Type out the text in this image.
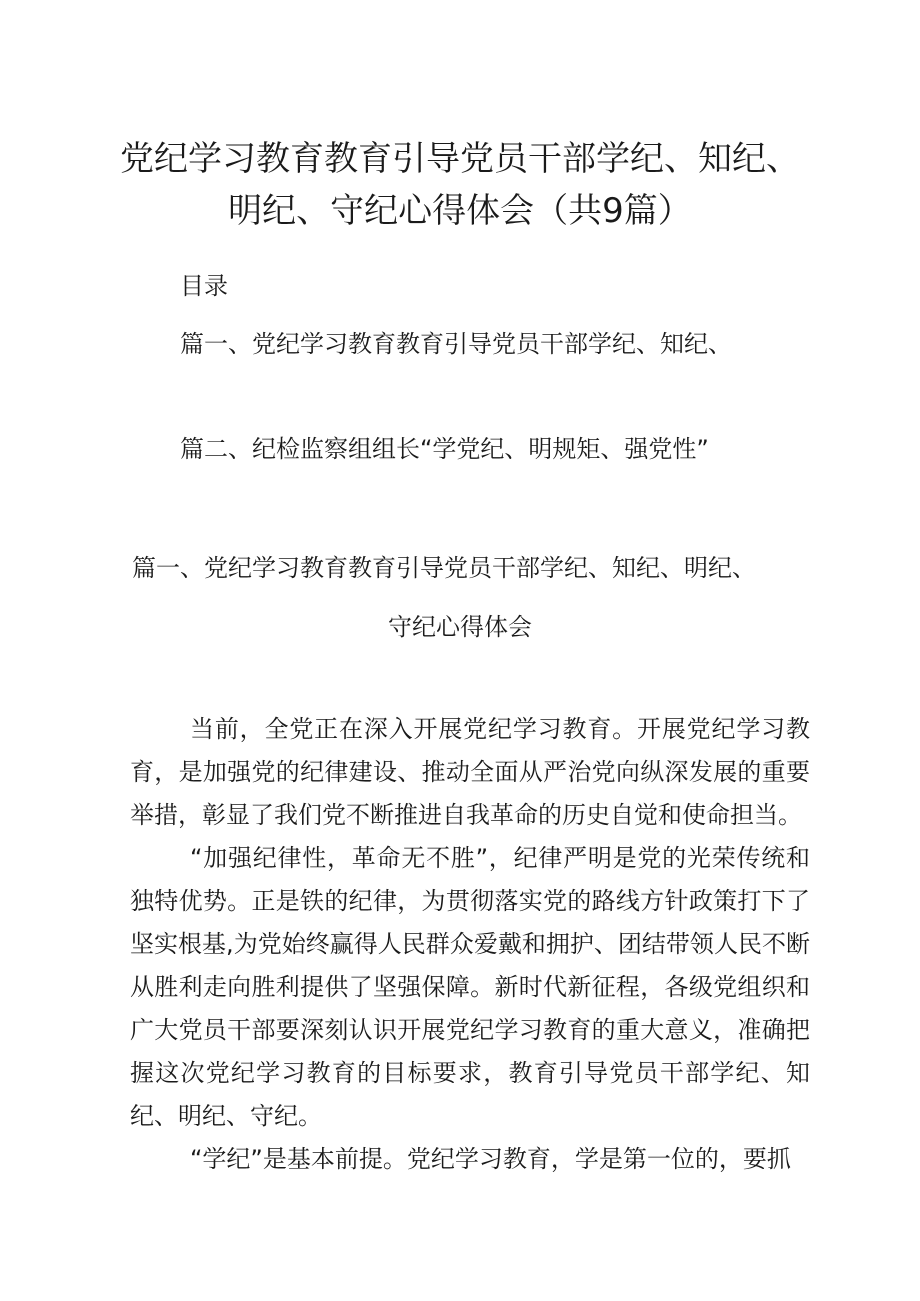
党纪学习教育教育引导党员干部学纪、知纪、
明纪、守纪心得体会（共9篇）
目录
篇一、党纪学习教育教育引导党员干部学纪、知纪、
篇二、纪检监察组组长“学党纪、明规矩、强党性”
篇一、党纪学习教育教育引导党员干部学纪、知纪、明纪、
守纪心得体会

当前，全党正在深入开展党纪学习教育。开展党纪学习教育，是加强党的纪律建设、推动全面从严治党向纵深发展的重要举措，彰显了我们党不断推进自我革命的历史自觉和使命担当。

“加强纪律性，革命无不胜”，纪律严明是党的光荣传统和独特优势。正是铁的纪律，为贯彻落实党的路线方针政策打下了坚实根基,为党始终赢得人民群众爱戴和拥护、团结带领人民不断从胜利走向胜利提供了坚强保障。新时代新征程，各级党组织和广大党员干部要深刻认识开展党纪学习教育的重大意义，准确把握这次党纪学习教育的目标要求，教育引导党员干部学纪、知纪、明纪、守纪。

“学纪”是基本前提。党纪学习教育，学是第一位的，要抓
